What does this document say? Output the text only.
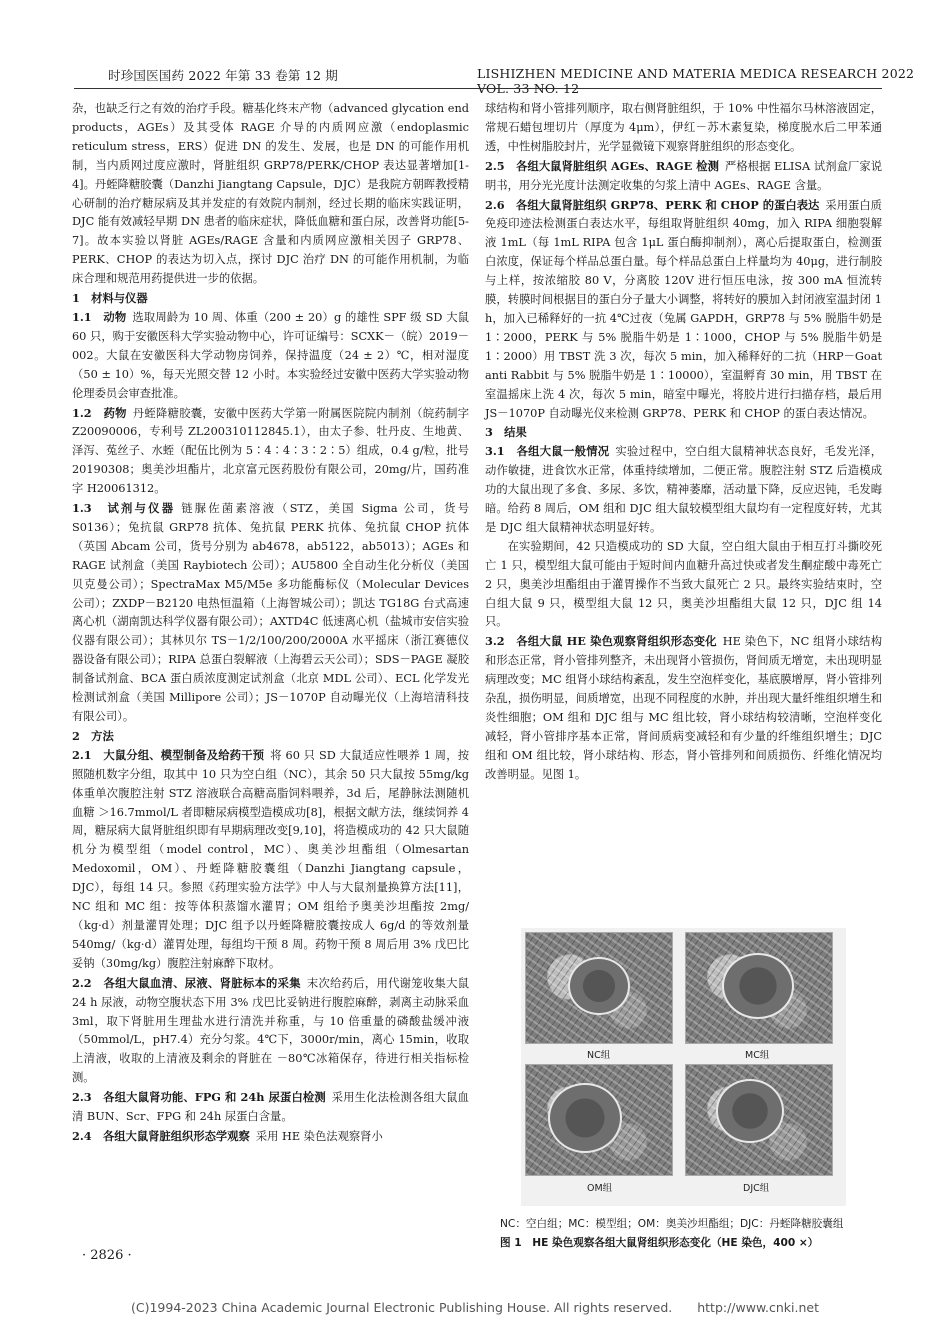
时珍国医国药 2022 年第 33 卷第 12 期	LISHIZHEN MEDICINE AND MATERIA MEDICA RESEARCH 2022 VOL. 33 NO. 12

杂，也缺乏行之有效的治疗手段。糖基化终末产物（advanced glycation end products，AGEs）及其受体 RAGE 介导的内质网应激（endoplasmic reticulum stress，ERS）促进 DN 的发生、发展，也是 DN 的可能作用机制，当内质网过度应激时，肾脏组织 GRP78/PERK/CHOP 表达显著增加[1-4]。丹蛭降糖胶囊（Danzhi Jiangtang Capsule，DJC）是我院方朝晖教授精心研制的治疗糖尿病及其并发症的有效院内制剂，经过长期的临床实践证明，DJC 能有效减轻早期 DN 患者的临床症状，降低血糖和蛋白尿，改善肾功能[5-7]。故本实验以肾脏 AGEs/RAGE 含量和内质网应激相关因子 GRP78、PERK、CHOP 的表达为切入点，探讨 DJC 治疗 DN 的可能作用机制，为临床合理和规范用药提供进一步的依据。

1　材料与仪器

1.1　动物 选取周龄为 10 周、体重（200 ± 20）g 的雄性 SPF 级 SD 大鼠 60 只，购于安徽医科大学实验动物中心，许可证编号：SCXK－（皖）2019－002。大鼠在安徽医科大学动物房饲养，保持温度（24 ± 2）℃，相对湿度（50 ± 10）%，每天光照交替 12 小时。本实验经过安徽中医药大学实验动物伦理委员会审查批准。

1.2　药物 丹蛭降糖胶囊，安徽中医药大学第一附属医院院内制剂（皖药制字 Z20090006，专利号 ZL200310112845.1），由太子参、牡丹皮、生地黄、泽泻、菟丝子、水蛭（配伍比例为 5∶4∶4∶3∶2∶5）组成，0.4 g/粒，批号 20190308；奥美沙坦酯片，北京富元医药股份有限公司，20mg/片，国药准字 H20061312。

1.3　试剂与仪器 链脲佐菌素溶液（STZ，美国 Sigma 公司，货号 S0136）；兔抗鼠 GRP78 抗体、兔抗鼠 PERK 抗体、兔抗鼠 CHOP 抗体（英国 Abcam 公司，货号分别为 ab4678，ab5122，ab5013）；AGEs 和 RAGE 试剂盒（美国 Raybiotech 公司）；AU5800 全自动生化分析仪（美国贝克曼公司）；SpectraMax M5/M5e 多功能酶标仪（Molecular Devices 公司）；ZXDP－B2120 电热恒温箱（上海智城公司）；凯达 TG18G 台式高速离心机（湖南凯达科学仪器有限公司）；AXTD4C 低速离心机（盐城市安信实验仪器有限公司）；其林贝尔 TS－1/2/100/200/2000A 水平摇床（浙江赛德仪器设备有限公司）；RIPA 总蛋白裂解液（上海碧云天公司）；SDS－PAGE 凝胶制备试剂盒、BCA 蛋白质浓度测定试剂盒（北京 MDL 公司）、ECL 化学发光检测试剂盒（美国 Millipore 公司）；JS－1070P 自动曝光仪（上海培清科技有限公司）。

2　方法

2.1　大鼠分组、模型制备及给药干预 将 60 只 SD 大鼠适应性喂养 1 周，按照随机数字分组，取其中 10 只为空白组（NC），其余 50 只大鼠按 55mg/kg 体重单次腹腔注射 STZ 溶液联合高糖高脂饲料喂养，3d 后，尾静脉法测随机血糖 ＞16.7mmol/L 者即糖尿病模型造模成功[8]，根据文献方法，继续饲养 4 周，糖尿病大鼠肾脏组织即有早期病理改变[9,10]，将造模成功的 42 只大鼠随机分为模型组（model control，MC）、奥美沙坦酯组（Olmesartan Medoxomil，OM）、丹蛭降糖胶囊组（Danzhi Jiangtang capsule，DJC），每组 14 只。参照《药理实验方法学》中人与大鼠剂量换算方法[11]，NC 组和 MC 组：按等体积蒸馏水灌胃；OM 组给予奥美沙坦酯按 2mg/（kg·d）剂量灌胃处理；DJC 组予以丹蛭降糖胶囊按成人 6g/d 的等效剂量 540mg/（kg·d）灌胃处理，每组均干预 8 周。药物干预 8 周后用 3% 戊巴比妥钠（30mg/kg）腹腔注射麻醉下取材。

2.2　各组大鼠血清、尿液、肾脏标本的采集 末次给药后，用代谢笼收集大鼠 24 h 尿液，动物空腹状态下用 3% 戊巴比妥钠进行腹腔麻醉，剥离主动脉采血 3ml，取下肾脏用生理盐水进行清洗并称重，与 10 倍重量的磷酸盐缓冲液（50mmol/L，pH7.4）充分匀浆。4℃下，3000r/min，离心 15min，收取上清液，收取的上清液及剩余的肾脏在 －80℃冰箱保存，待进行相关指标检测。

2.3　各组大鼠肾功能、FPG 和 24h 尿蛋白检测 采用生化法检测各组大鼠血清 BUN、Scr、FPG 和 24h 尿蛋白含量。

2.4　各组大鼠肾脏组织形态学观察 采用 HE 染色法观察肾小

球结构和肾小管排列顺序，取右侧肾脏组织，于 10% 中性福尔马林溶液固定，常规石蜡包埋切片（厚度为 4μm），伊红－苏木素复染，梯度脱水后二甲苯通透，中性树脂胶封片，光学显微镜下观察肾脏组织的形态变化。

2.5　各组大鼠肾脏组织 AGEs、RAGE 检测 严格根据 ELISA 试剂盒厂家说明书，用分光光度计法测定收集的匀浆上清中 AGEs、RAGE 含量。

2.6　各组大鼠肾脏组织 GRP78、PERK 和 CHOP 的蛋白表达 采用蛋白质免疫印迹法检测蛋白表达水平，每组取肾脏组织 40mg，加入 RIPA 细胞裂解液 1mL（每 1mL RIPA 包含 1μL 蛋白酶抑制剂），离心后提取蛋白，检测蛋白浓度，保证每个样品总蛋白量。每个样品总蛋白上样量均为 40μg，进行制胶与上样，按浓缩胶 80 V，分离胶 120V 进行恒压电泳，按 300 mA 恒流转膜，转膜时间根据目的蛋白分子量大小调整，将转好的膜加入封闭液室温封闭 1 h，加入已稀释好的一抗 4℃过夜（兔属 GAPDH，GRP78 与 5% 脱脂牛奶是 1∶2000，PERK 与 5% 脱脂牛奶是 1∶1000，CHOP 与 5% 脱脂牛奶是 1∶2000）用 TBST 洗 3 次，每次 5 min，加入稀释好的二抗（HRP－Goat anti Rabbit 与 5% 脱脂牛奶是 1∶10000），室温孵育 30 min，用 TBST 在室温摇床上洗 4 次，每次 5 min，暗室中曝光，将胶片进行扫描存档，最后用 JS－1070P 自动曝光仪来检测 GRP78、PERK 和 CHOP 的蛋白表达情况。

3　结果

3.1　各组大鼠一般情况 实验过程中，空白组大鼠精神状态良好，毛发光泽，动作敏捷，进食饮水正常，体重持续增加，二便正常。腹腔注射 STZ 后造模成功的大鼠出现了多食、多尿、多饮，精神萎靡，活动量下降，反应迟钝，毛发晦暗。给药 8 周后，OM 组和 DJC 组大鼠较模型组大鼠均有一定程度好转，尤其是 DJC 组大鼠精神状态明显好转。

在实验期间，42 只造模成功的 SD 大鼠，空白组大鼠由于相互打斗撕咬死亡 1 只，模型组大鼠可能由于短时间内血糖升高过快或者发生酮症酸中毒死亡 2 只，奥美沙坦酯组由于灌胃操作不当致大鼠死亡 2 只。最终实验结束时，空白组大鼠 9 只，模型组大鼠 12 只，奥美沙坦酯组大鼠 12 只，DJC 组 14 只。

3.2　各组大鼠 HE 染色观察肾组织形态变化 HE 染色下，NC 组肾小球结构和形态正常，肾小管排列整齐，未出现肾小管损伤，肾间质无增宽，未出现明显病理改变；MC 组肾小球结构紊乱，发生空泡样变化，基底膜增厚，肾小管排列杂乱，损伤明显，间质增宽，出现不同程度的水肿，并出现大量纤维组织增生和炎性细胞；OM 组和 DJC 组与 MC 组比较，肾小球结构较清晰，空泡样变化减轻，肾小管排序基本正常，肾间质病变减轻和有少量的纤维组织增生；DJC 组和 OM 组比较，肾小球结构、形态，肾小管排列和间质损伤、纤维化情况均改善明显。见图 1。

NC组	MC组
OM组	DJC组
NC：空白组；MC：模型组；OM：奥美沙坦酯组；DJC：丹蛭降糖胶囊组
图 1　HE 染色观察各组大鼠肾组织形态变化（HE 染色，400 ×）
· 2826 ·
(C)1994-2023 China Academic Journal Electronic Publishing House. All rights reserved.　　http://www.cnki.net
